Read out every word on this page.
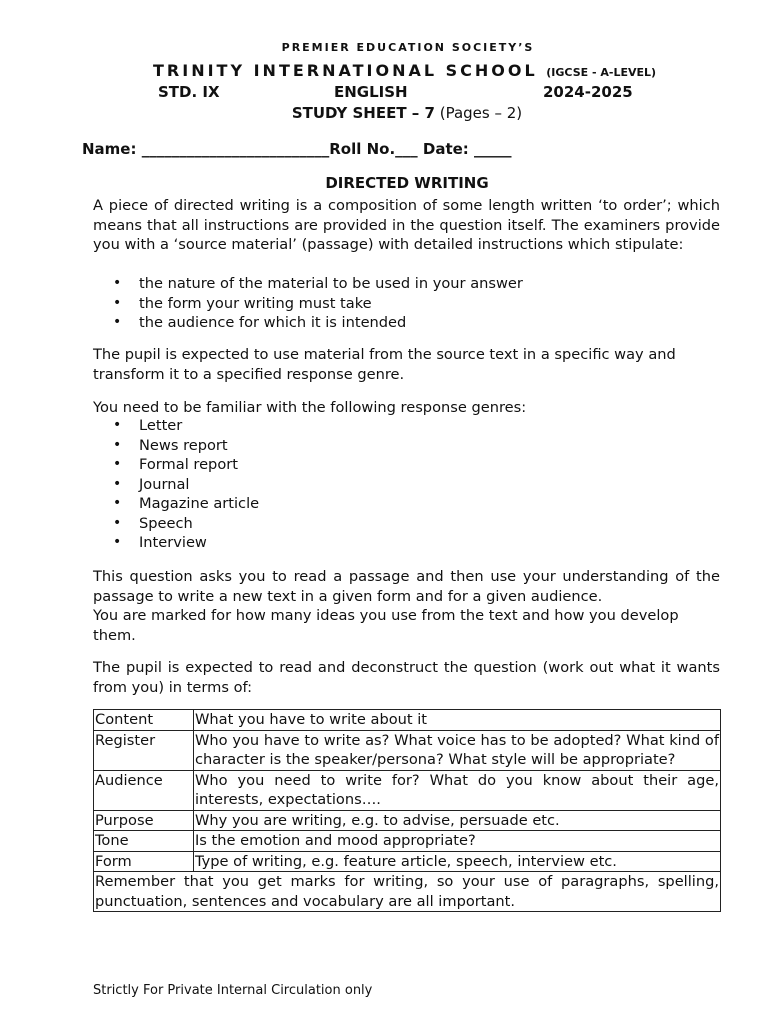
PREMIER EDUCATION SOCIETY’S
TRINITY INTERNATIONAL SCHOOL (IGCSE - A-LEVEL)
STD. IX	ENGLISH	2024-2025
STUDY SHEET – 7 (Pages – 2)
Name: _________________________Roll No.___ Date: _____
DIRECTED WRITING

A piece of directed writing is a composition of some length written ‘to order’; which means that all instructions are provided in the question itself. The examiners provide you with a ‘source material’ (passage) with detailed instructions which stipulate:

• the nature of the material to be used in your answer
• the form your writing must take
• the audience for which it is intended

The pupil is expected to use material from the source text in a specific way and transform it to a specified response genre.

You need to be familiar with the following response genres:

• Letter
• News report
• Formal report
• Journal
• Magazine article
• Speech
• Interview

This question asks you to read a passage and then use your understanding of the passage to write a new text in a given form and for a given audience.

You are marked for how many ideas you use from the text and how you develop them.

The pupil is expected to read and deconstruct the question (work out what it wants from you) in terms of:

Content	What you have to write about it
Register	Who you have to write as? What voice has to be adopted? What kind of character is the speaker/persona? What style will be appropriate?
Audience	Who you need to write for? What do you know about their age, interests, expectations….
Purpose	Why you are writing, e.g. to advise, persuade etc.
Tone	Is the emotion and mood appropriate?
Form	Type of writing, e.g. feature article, speech, interview etc.
Remember that you get marks for writing, so your use of paragraphs, spelling, punctuation, sentences and vocabulary are all important.	
Strictly For Private Internal Circulation only
